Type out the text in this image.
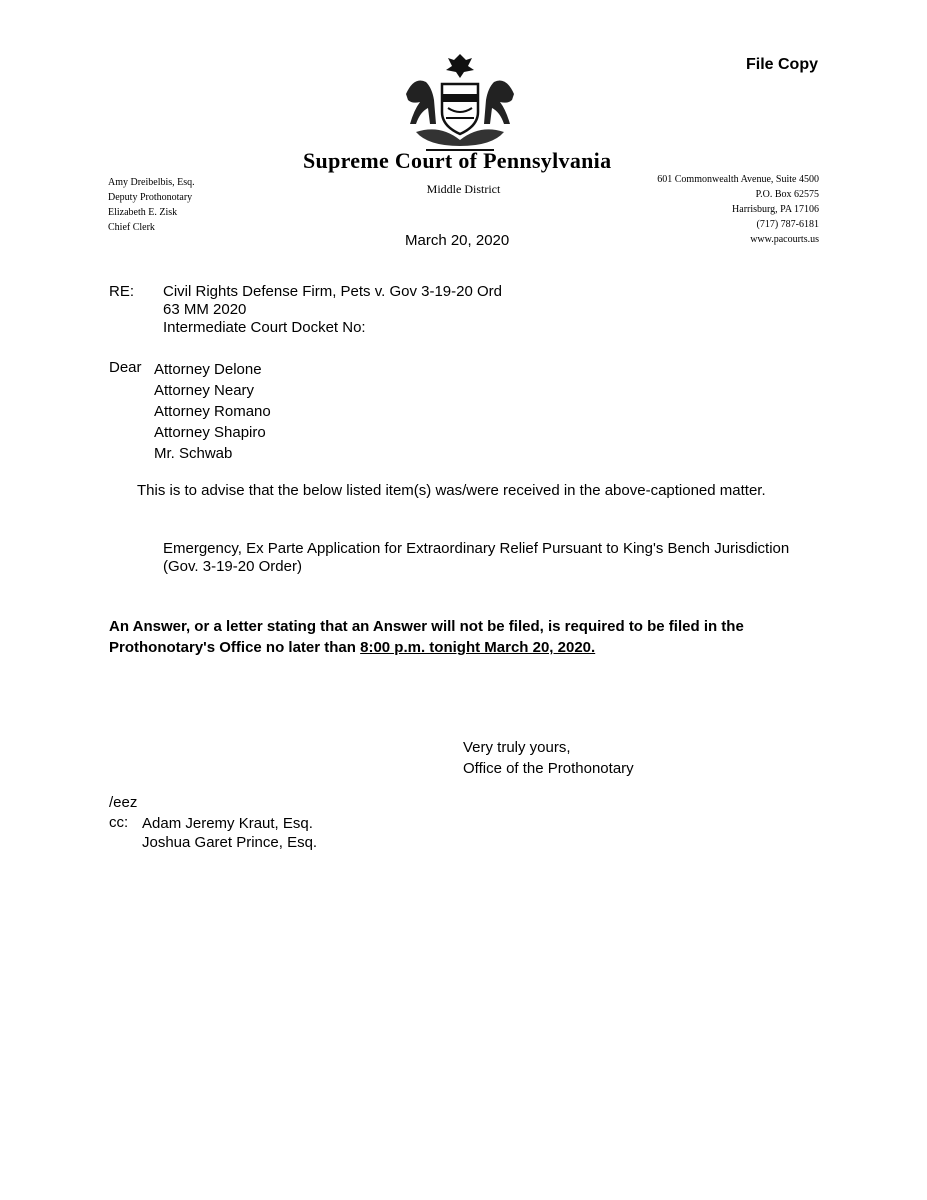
File Copy
Supreme Court of Pennsylvania
Middle District
Amy Dreibelbis, Esq.
Deputy Prothonotary
Elizabeth E. Zisk
Chief Clerk
601 Commonwealth Avenue, Suite 4500
P.O. Box 62575
Harrisburg, PA 17106
(717) 787-6181
www.pacourts.us
March 20, 2020
RE: Civil Rights Defense Firm, Pets v. Gov 3-19-20 Ord
63 MM 2020
Intermediate Court Docket No:
Dear Attorney Delone
Attorney Neary
Attorney Romano
Attorney Shapiro
Mr. Schwab
This is to advise that the below listed item(s) was/were received in the above-captioned matter.
Emergency, Ex Parte Application for Extraordinary Relief Pursuant to King's Bench Jurisdiction
(Gov. 3-19-20 Order)
An Answer, or a letter stating that an Answer will not be filed, is required to be filed in the Prothonotary's Office no later than 8:00 p.m. tonight March 20, 2020.
Very truly yours,
Office of the Prothonotary
/eez
cc: Adam Jeremy Kraut, Esq.
Joshua Garet Prince, Esq.
